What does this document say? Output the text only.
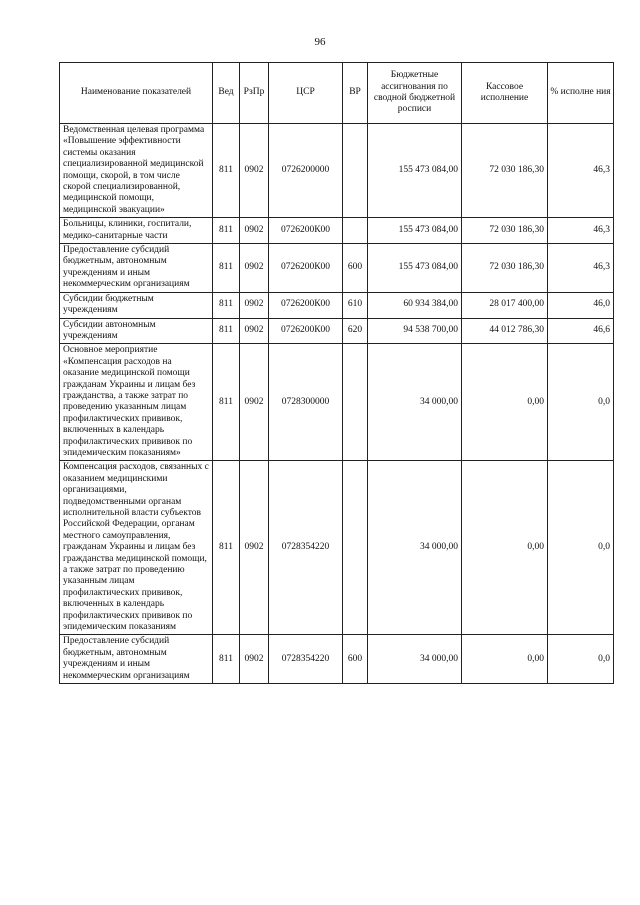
96
Наименование показателей	Вед	РзПр	ЦСР	ВР	Бюджетные ассигнования по сводной бюджетной росписи	Кассовое исполнение	% исполне ния
Ведомственная целевая программа «Повышение эффективности системы оказания специализированной медицинской помощи, скорой, в том числе скорой специализированной, медицинской помощи, медицинской эвакуации»	811	0902	0726200000		155 473 084,00	72 030 186,30	46,3
Больницы, клиники, госпитали, медико-санитарные части	811	0902	0726200К00		155 473 084,00	72 030 186,30	46,3
Предоставление субсидий бюджетным, автономным учреждениям и иным некоммерческим организациям	811	0902	0726200К00	600	155 473 084,00	72 030 186,30	46,3
Субсидии бюджетным учреждениям	811	0902	0726200К00	610	60 934 384,00	28 017 400,00	46,0
Субсидии автономным учреждениям	811	0902	0726200К00	620	94 538 700,00	44 012 786,30	46,6
Основное мероприятие «Компенсация расходов на оказание медицинской помощи гражданам Украины и лицам без гражданства, а также затрат по проведению указанным лицам профилактических прививок, включенных в календарь профилактических прививок по эпидемическим показаниям»	811	0902	0728300000		34 000,00	0,00	0,0
Компенсация расходов, связанных с оказанием медицинскими организациями, подведомственными органам исполнительной власти субъектов Российской Федерации, органам местного самоуправления, гражданам Украины и лицам без гражданства медицинской помощи, а также затрат по проведению указанным лицам профилактических прививок, включенных в календарь профилактических прививок по эпидемическим показаниям	811	0902	0728354220		34 000,00	0,00	0,0
Предоставление субсидий бюджетным, автономным учреждениям и иным некоммерческим организациям	811	0902	0728354220	600	34 000,00	0,00	0,0
